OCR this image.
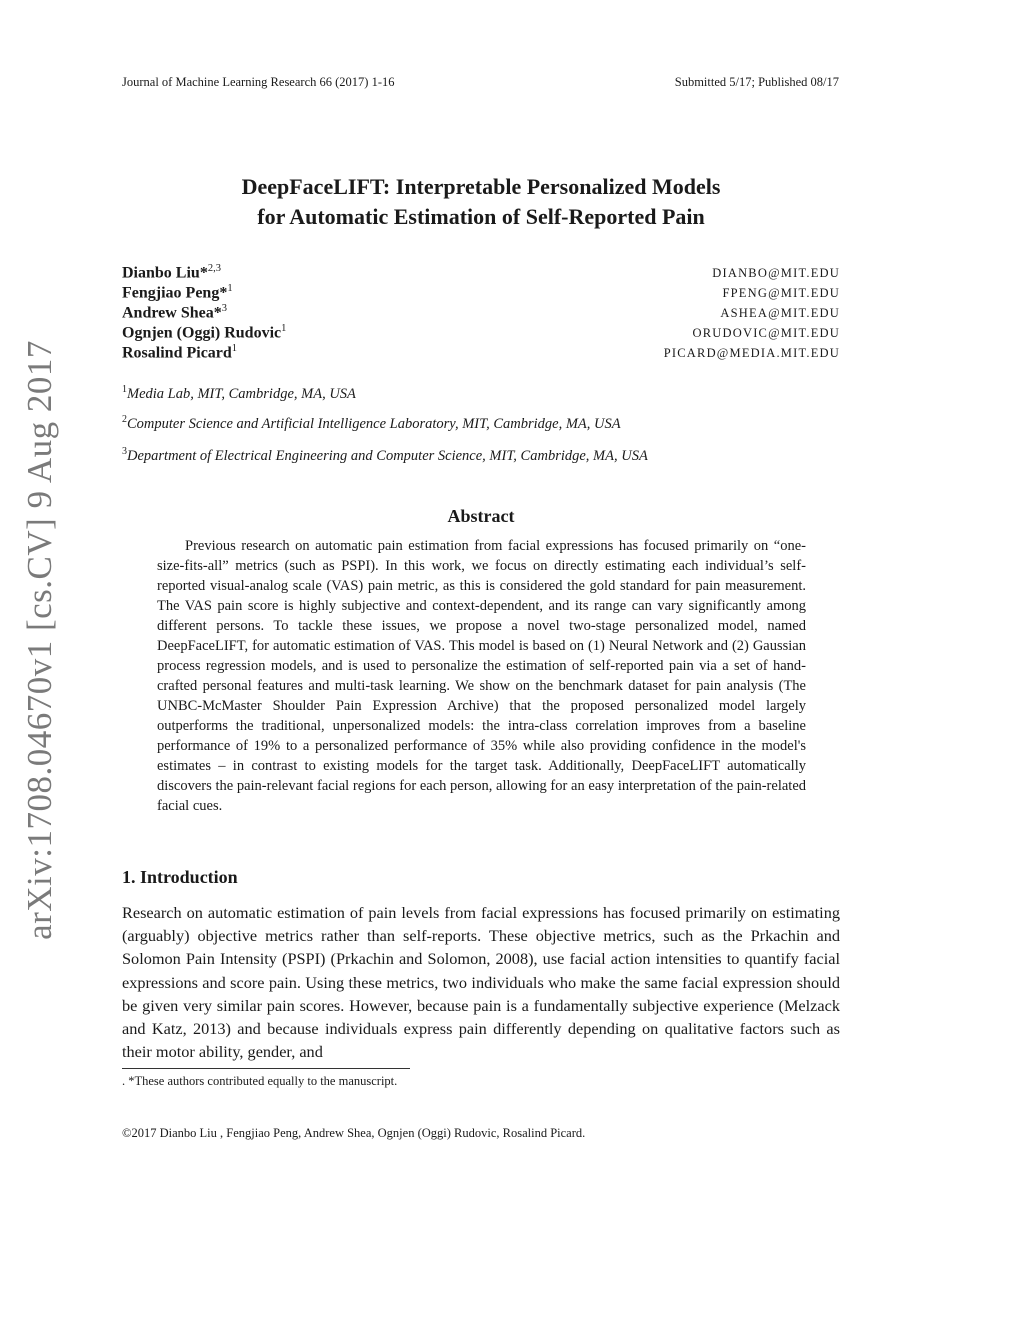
Journal of Machine Learning Research 66 (2017) 1-16	Submitted 5/17; Published 08/17
arXiv:1708.04670v1 [cs.CV] 9 Aug 2017
DeepFaceLIFT: Interpretable Personalized Models
for Automatic Estimation of Self-Reported Pain
Dianbo Liu*$^{2,3}$	DIANBO@MIT.EDU
Fengjiao Peng*$^1$	FPENG@MIT.EDU
Andrew Shea*$^3$	ASHEA@MIT.EDU
Ognjen (Oggi) Rudovic$^1$	ORUDOVIC@MIT.EDU
Rosalind Picard$^1$	PICARD@MEDIA.MIT.EDU
$^1$Media Lab, MIT, Cambridge, MA, USA
$^2$Computer Science and Artificial Intelligence Laboratory, MIT, Cambridge, MA, USA
$^3$Department of Electrical Engineering and Computer Science, MIT, Cambridge, MA, USA
Abstract
Previous research on automatic pain estimation from facial expressions has focused primarily on “one-size-fits-all” metrics (such as PSPI). In this work, we focus on directly estimating each individual’s self-reported visual-analog scale (VAS) pain metric, as this is considered the gold standard for pain measurement. The VAS pain score is highly subjective and context-dependent, and its range can vary significantly among different persons. To tackle these issues, we propose a novel two-stage personalized model, named DeepFaceLIFT, for automatic estimation of VAS. This model is based on (1) Neural Network and (2) Gaussian process regression models, and is used to personalize the estimation of self-reported pain via a set of hand-crafted personal features and multi-task learning. We show on the benchmark dataset for pain analysis (The UNBC-McMaster Shoulder Pain Expression Archive) that the proposed personalized model largely outperforms the traditional, unpersonalized models: the intra-class correlation improves from a baseline performance of 19% to a personalized performance of 35% while also providing confidence in the model's estimates – in contrast to existing models for the target task. Additionally, DeepFaceLIFT automatically discovers the pain-relevant facial regions for each person, allowing for an easy interpretation of the pain-related facial cues.
1. Introduction
Research on automatic estimation of pain levels from facial expressions has focused primarily on estimating (arguably) objective metrics rather than self-reports. These objective metrics, such as the Prkachin and Solomon Pain Intensity (PSPI) (Prkachin and Solomon, 2008), use facial action intensities to quantify facial expressions and score pain. Using these metrics, two individuals who make the same facial expression should be given very similar pain scores. However, because pain is a fundamentally subjective experience (Melzack and Katz, 2013) and because individuals express pain differently depending on qualitative factors such as their motor ability, gender, and
. *These authors contributed equally to the manuscript.
©2017 Dianbo Liu , Fengjiao Peng, Andrew Shea, Ognjen (Oggi) Rudovic, Rosalind Picard.
